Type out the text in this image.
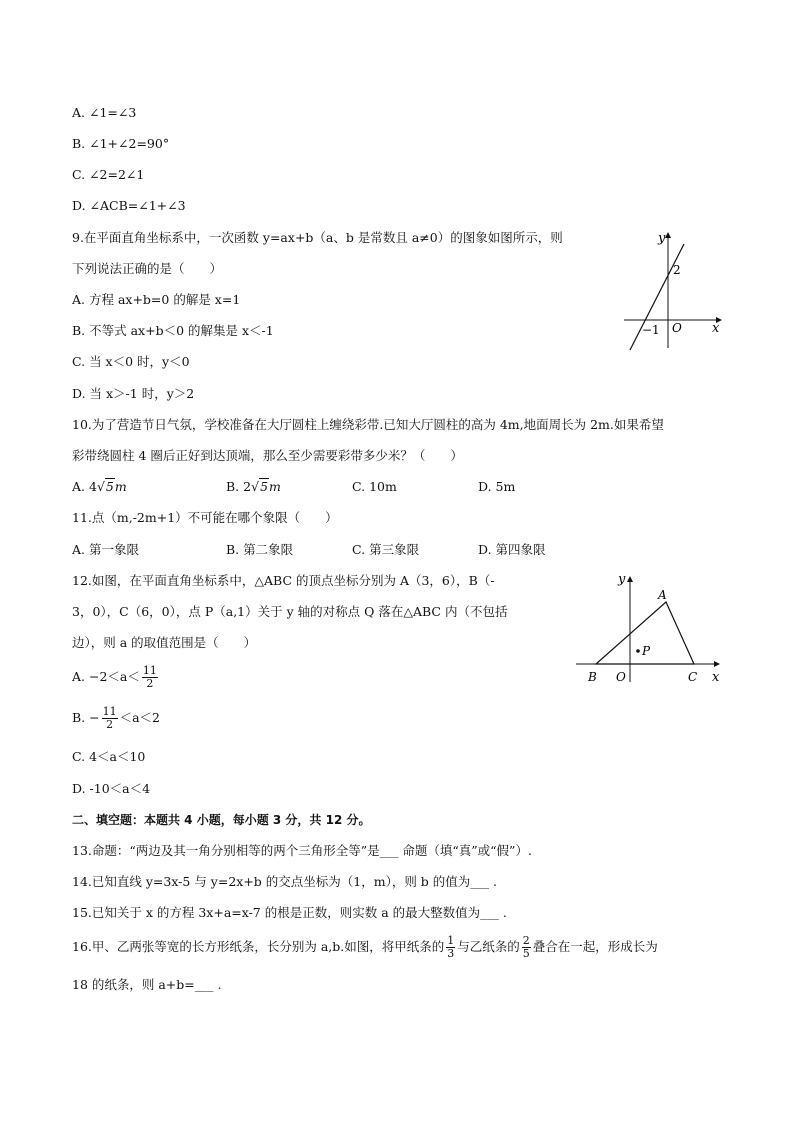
A. ∠1=∠3
B. ∠1+∠2=90°
C. ∠2=2∠1
D. ∠ACB=∠1+∠3
9.在平面直角坐标系中，一次函数 y=ax+b（a、b 是常数且 a≠0）的图象如图所示，则
下列说法正确的是（　　）
A. 方程 ax+b=0 的解是 x=1
B. 不等式 ax+b＜0 的解集是 x＜-1
C. 当 x＜0 时，y＜0
D. 当 x＞-1 时，y＞2
y
x
O
2
−1
10.为了营造节日气氛，学校准备在大厅圆柱上缠绕彩带.已知大厅圆柱的高为 4m,地面周长为 2m.如果希望
彩带绕圆柱 4 圈后正好到达顶端，那么至少需要彩带多少米？（　　）
A. 4√5m	B. 2√5m	C. 10m	D. 5m
11.点（m,-2m+1）不可能在哪个象限（　　）
A. 第一象限	B. 第二象限	C. 第三象限	D. 第四象限
12.如图，在平面直角坐标系中，△ABC 的顶点坐标分别为 A（3，6），B（-
3，0），C（6，0），点 P（a,1）关于 y 轴的对称点 Q 落在△ABC 内（不包括
边），则 a 的取值范围是（　　）
A. $-2<a< \frac{11}{2}$
B. − $\frac{11}{2} <a<2$
C. 4＜a＜10
D. -10＜a＜4
y
x
O
A
B	C
P
二、填空题：本题共 4 小题，每小题 3 分，共 12 分。
13.命题：“两边及其一角分别相等的两个三角形全等”是___ 命题（填“真”或“假”）.
14.已知直线 y=3x-5 与 y=2x+b 的交点坐标为（1，m），则 b 的值为___ .
15.已知关于 x 的方程 3x+a=x-7 的根是正数，则实数 a 的最大整数值为___ .
16.甲、乙两张等宽的长方形纸条，长分别为 a,b.如图，将甲纸条的 $\frac{1}{3}$ 与乙纸条的 $\frac{2}{5}$ 叠合在一起，形成长为
18 的纸条，则 a+b=___ .
